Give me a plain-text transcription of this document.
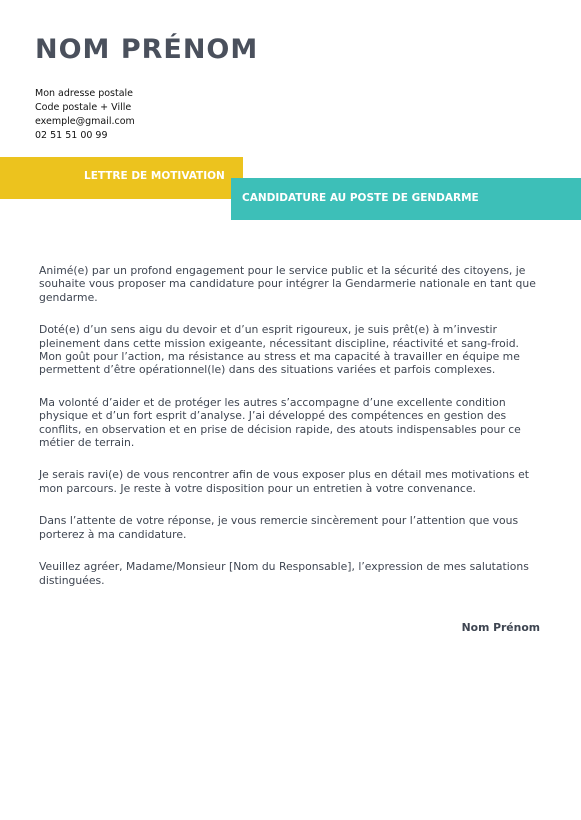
NOM PRÉNOM
Mon adresse postale
Code postale + Ville
exemple@gmail.com
02 51 51 00 99
LETTRE DE MOTIVATION
CANDIDATURE AU POSTE DE GENDARME

Animé(e) par un profond engagement pour le service public et la sécurité des citoyens, je souhaite vous proposer ma candidature pour intégrer la Gendarmerie nationale en tant que gendarme.

Doté(e) d’un sens aigu du devoir et d’un esprit rigoureux, je suis prêt(e) à m’investir pleinement dans cette mission exigeante, nécessitant discipline, réactivité et sang-froid. Mon goût pour l’action, ma résistance au stress et ma capacité à travailler en équipe me permettent d’être opérationnel(le) dans des situations variées et parfois complexes.

Ma volonté d’aider et de protéger les autres s’accompagne d’une excellente condition physique et d’un fort esprit d’analyse. J’ai développé des compétences en gestion des conflits, en observation et en prise de décision rapide, des atouts indispensables pour ce métier de terrain.

Je serais ravi(e) de vous rencontrer afin de vous exposer plus en détail mes motivations et mon parcours. Je reste à votre disposition pour un entretien à votre convenance.

Dans l’attente de votre réponse, je vous remercie sincèrement pour l’attention que vous porterez à ma candidature.

Veuillez agréer, Madame/Monsieur [Nom du Responsable], l’expression de mes salutations distinguées.

Nom Prénom
